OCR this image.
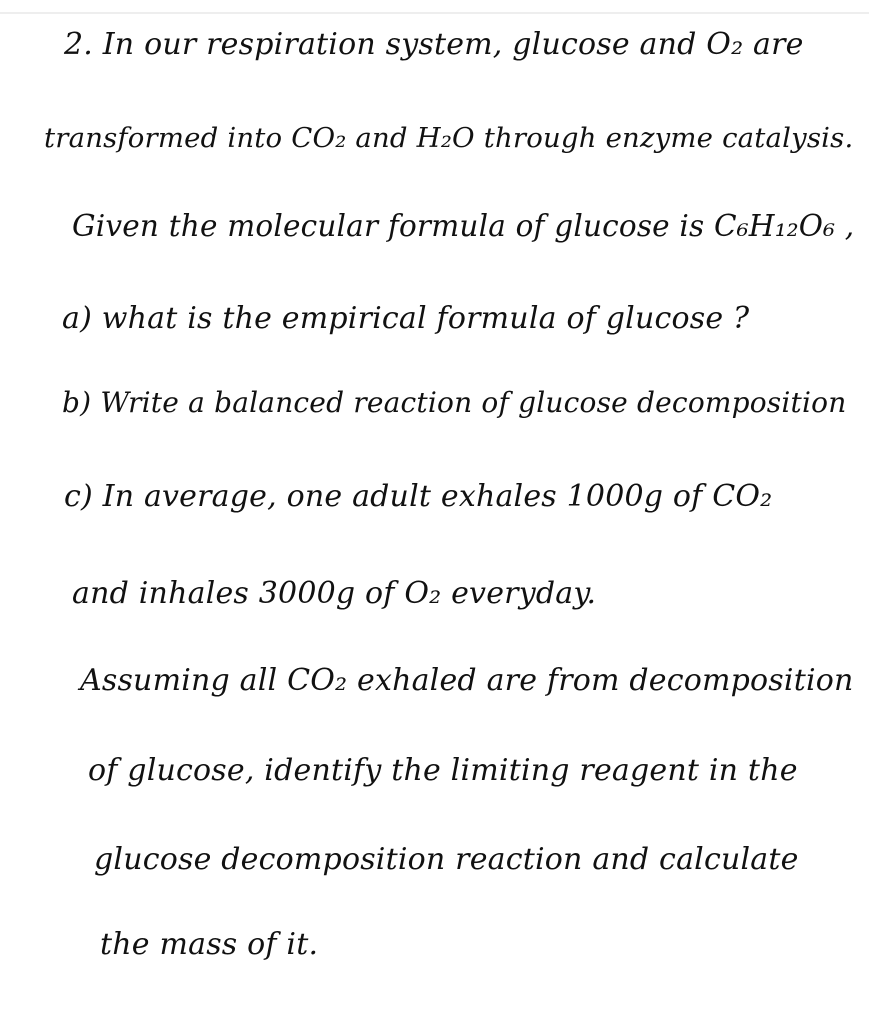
2. In our respiration system, glucose and O₂ are
transformed into CO₂ and H₂O through enzyme catalysis.
Given the molecular formula of glucose is C₆H₁₂O₆ ,
a) what is the empirical formula of glucose ?
b) Write a balanced reaction of glucose decomposition
c) In average, one adult exhales 1000g of CO₂
and inhales 3000g of O₂ everyday.
Assuming all CO₂ exhaled are from decomposition
of glucose, identify the limiting reagent in the
glucose decomposition reaction and calculate
the mass of it.
